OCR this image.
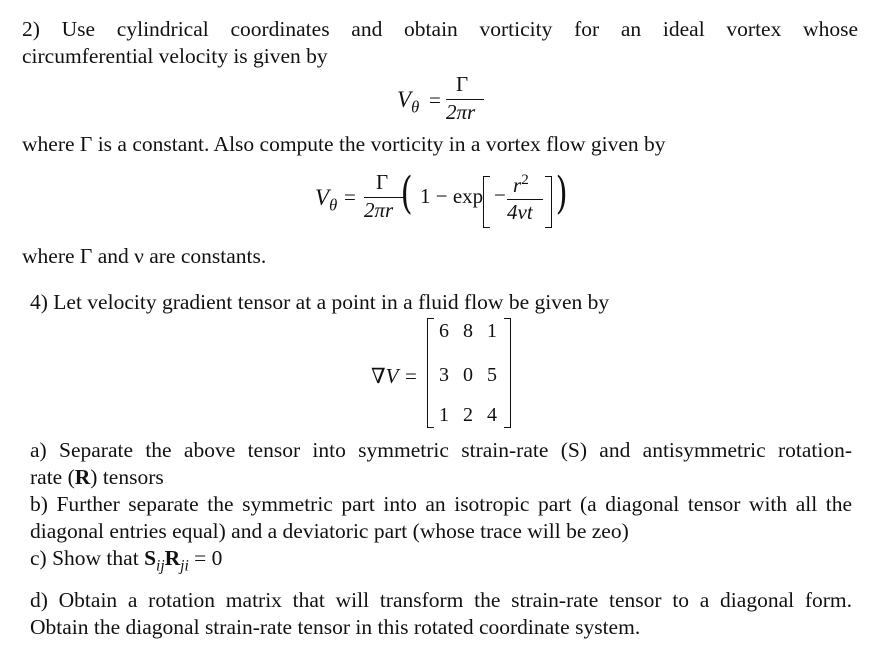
2) Use cylindrical coordinates and obtain vorticity for an ideal vortex whose
circumferential velocity is given by
$V_\theta$ =
Γ
2πr
where Γ is a constant. Also compute the vorticity in a vortex flow given by
$V_\theta$ =
Γ
2πr ( $1 - \exp - r^2$
4νt )
where Γ and ν are constants.
4) Let velocity gradient tensor at a point in a fluid flow be given by
∇V =
6 8 1
3 0 5
1 2 4
a) Separate the above tensor into symmetric strain-rate (S) and antisymmetric rotation-
rate (R) tensors
b) Further separate the symmetric part into an isotropic part (a diagonal tensor with all the
diagonal entries equal) and a deviatoric part (whose trace will be zeo)
c) Show that $S_{ij}R_{ji} = 0$
d) Obtain a rotation matrix that will transform the strain-rate tensor to a diagonal form.
Obtain the diagonal strain-rate tensor in this rotated coordinate system.
